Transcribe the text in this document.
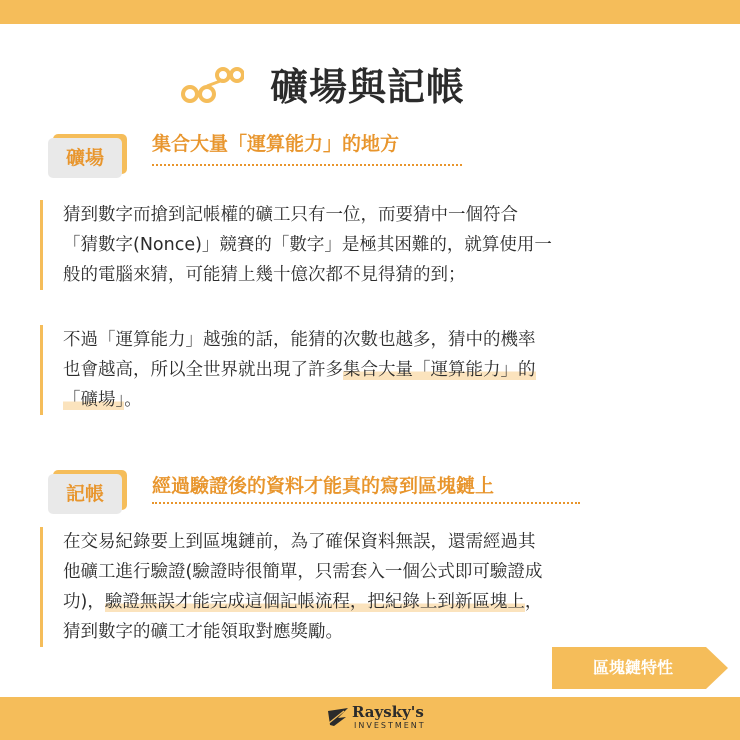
礦場與記帳
礦場
集合大量「運算能力」的地方
猜到數字而搶到記帳權的礦工只有一位，而要猜中一個符合
「猜數字(Nonce)」競賽的「數字」是極其困難的，就算使用一
般的電腦來猜，可能猜上幾十億次都不見得猜的到；
不過「運算能力」越強的話，能猜的次數也越多，猜中的機率
也會越高，所以全世界就出現了許多集合大量「運算能力」的
「礦場」。
記帳	經過驗證後的資料才能真的寫到區塊鏈上
在交易紀錄要上到區塊鏈前，為了確保資料無誤，還需經過其
他礦工進行驗證(驗證時很簡單，只需套入一個公式即可驗證成
功)，驗證無誤才能完成這個記帳流程，把紀錄上到新區塊上，
猜到數字的礦工才能領取對應獎勵。
區塊鏈特性
Raysky's
INVESTMENT
